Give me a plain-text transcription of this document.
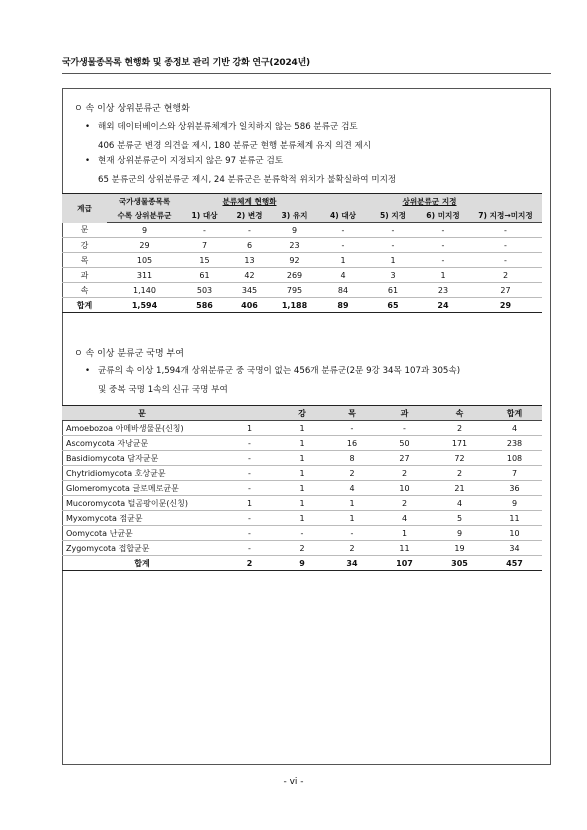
국가생물종목록 현행화 및 종정보 관리 기반 강화 연구(2024년)
ㅇ 속 이상 상위분류군 현행화
• 해외 데이터베이스와 상위분류체계가 일치하지 않는 586 분류군 검토
406 분류군 변경 의견을 제시, 180 분류군 현행 분류체계 유지 의견 제시
• 현재 상위분류군이 지정되지 않은 97 분류군 검토
65 분류군의 상위분류군 제시, 24 분류군은 분류학적 위치가 불확실하여 미지정
계급	국가생물종목록	분류체계 현행화			상위분류군 지정			
	수록 상위분류군	1) 대상	2) 변경	3) 유지	4) 대상	5) 지정	6) 미지정	7) 지정→미지정
문	9	-	-	9	-	-	-	-
강	29	7	6	23	-	-	-	-
목	105	15	13	92	1	1	-	-
과	311	61	42	269	4	3	1	2
속	1,140	503	345	795	84	61	23	27
합계	1,594	586	406	1,188	89	65	24	29
ㅇ 속 이상 분류군 국명 부여
• 균류의 속 이상 1,594개 상위분류군 중 국명이 없는 456개 분류군(2문 9강 34목 107과 305속)
및 중복 국명 1속의 신규 국명 부여
문		강	목	과	속	합계
Amoebozoa 아메바생물문(신칭)	1	1	-	-	2	4
Ascomycota 자낭균문	-	1	16	50	171	238
Basidiomycota 담자균문	-	1	8	27	72	108
Chytridiomycota 호상균문	-	1	2	2	2	7
Glomeromycota 글로메로균문	-	1	4	10	21	36
Mucoromycota 털곰팡이문(신칭)	1	1	1	2	4	9
Myxomycota 점균문	-	1	1	4	5	11
Oomycota 난균문	-	-	-	1	9	10
Zygomycota 접합균문	-	2	2	11	19	34
합계	2	9	34	107	305	457
- vi -
